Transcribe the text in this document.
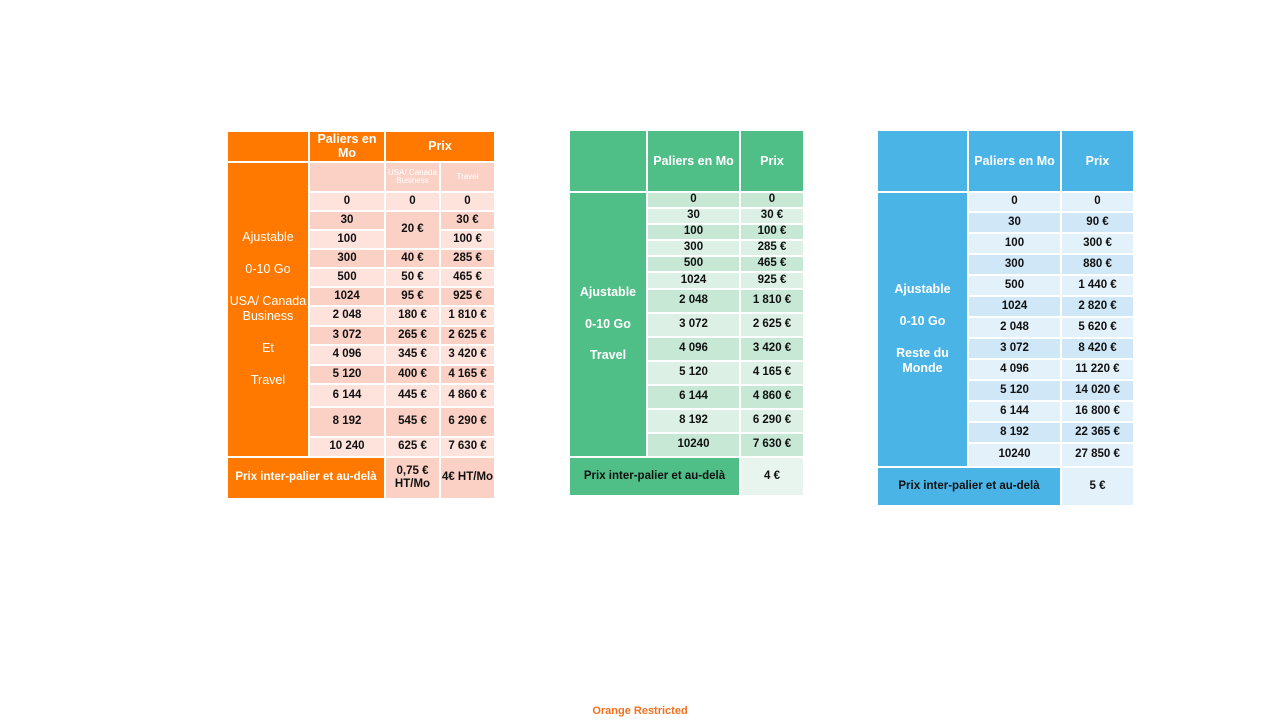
	Paliers en Mo	Prix	

Ajustable
0-10 Go
USA/ Canada Business
Et
Travel		USA/ Canada Business	Travel
	0	0	0
	30	20 €	30 €
	100		100 €
	300	40 €	285 €
	500	50 €	465 €
	1024	95 €	925 €
	2 048	180 €	1 810 €
	3 072	265 €	2 625 €
	4 096	345 €	3 420 €
	5 120	400 €	4 165 €
	6 144	445 €	4 860 €
	8 192	545 €	6 290 €
	10 240	625 €	7 630 €
Prix inter-palier et au-delà		0,75 € HT/Mo	4€ HT/Mo
	Paliers en Mo	Prix

Ajustable
0-10 Go
Travel	0	0
	30	30 €
	100	100 €
	300	285 €
	500	465 €
	1024	925 €
	2 048	1 810 €
	3 072	2 625 €
	4 096	3 420 €
	5 120	4 165 €
	6 144	4 860 €
	8 192	6 290 €
	10240	7 630 €
Prix inter-palier et au-delà		4 €
	Paliers en Mo	Prix

Ajustable
0-10 Go
Reste du Monde	0	0
	30	90 €
	100	300 €
	300	880 €
	500	1 440 €
	1024	2 820 €
	2 048	5 620 €
	3 072	8 420 €
	4 096	11 220 €
	5 120	14 020 €
	6 144	16 800 €
	8 192	22 365 €
	10240	27 850 €
Prix inter-palier et au-delà		5 €
Orange Restricted
